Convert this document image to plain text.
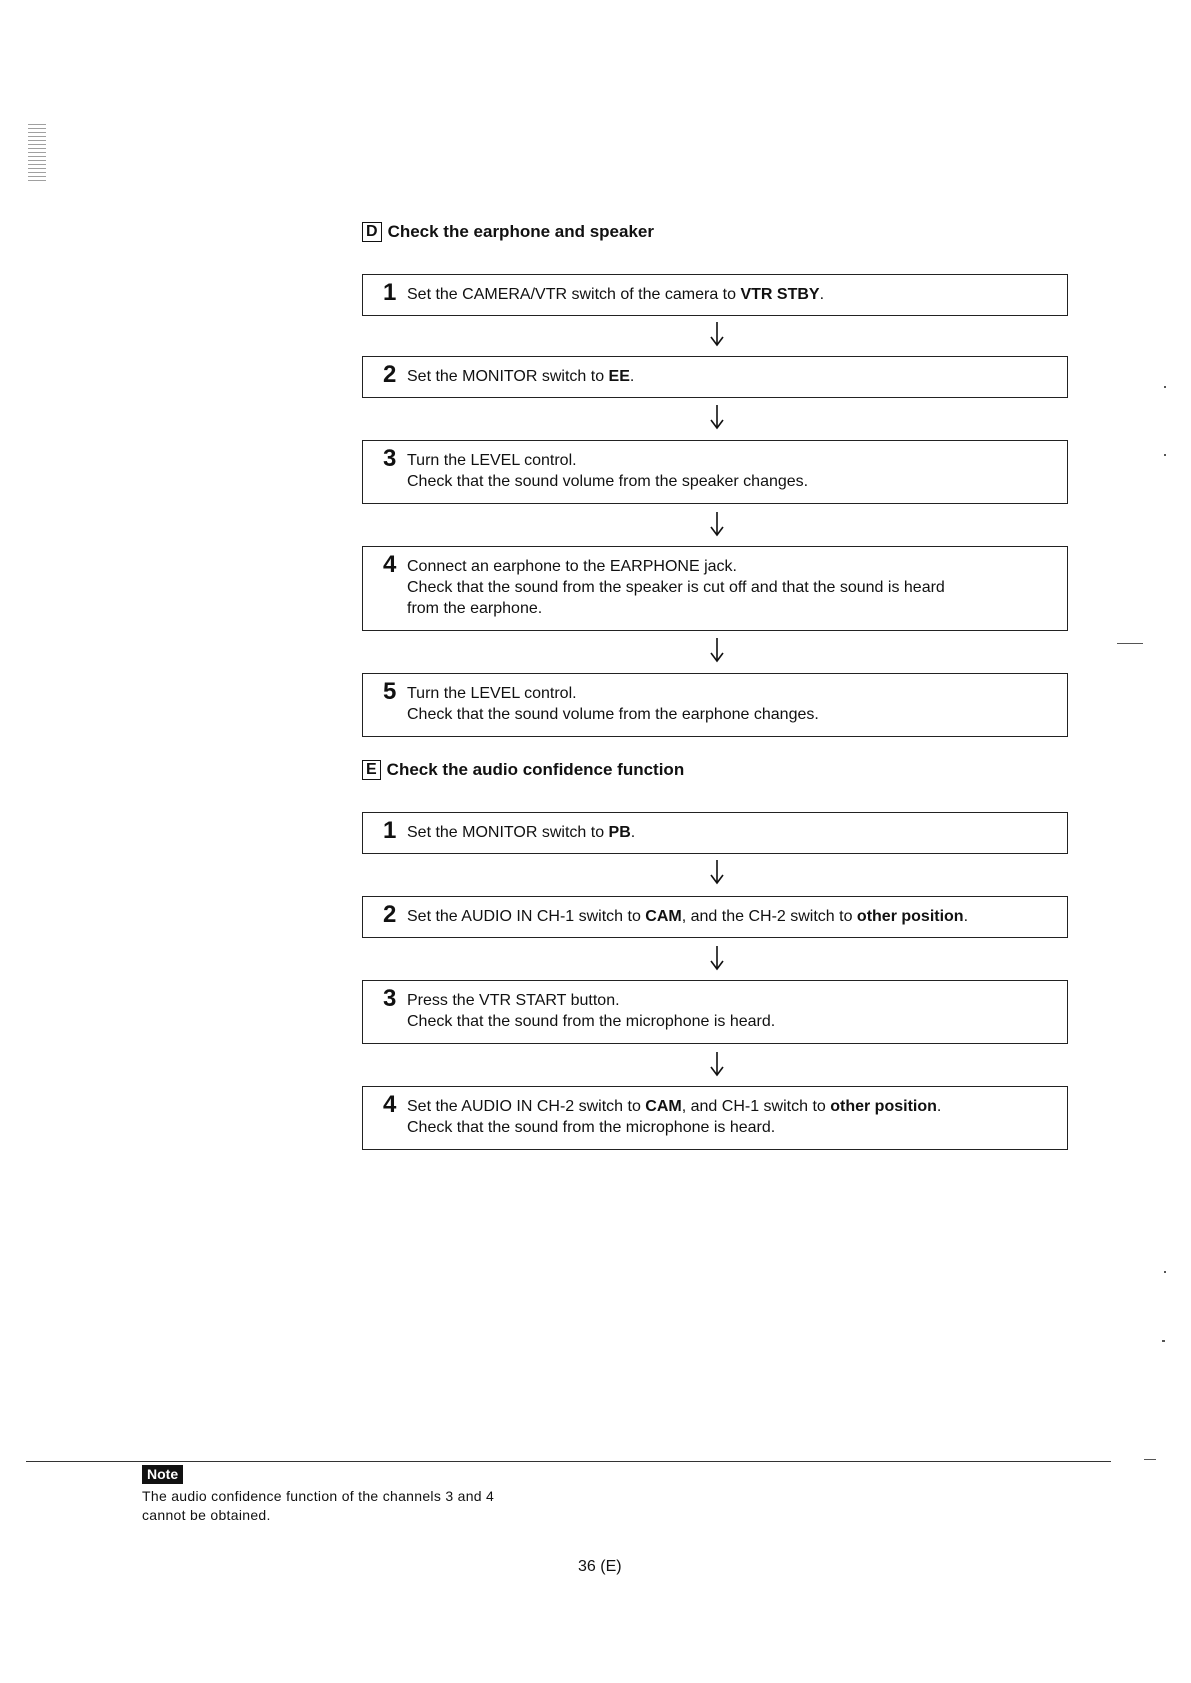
D Check the earphone and speaker
1 Set the CAMERA/VTR switch of the camera to VTR STBY.
2 Set the MONITOR switch to EE.
3 Turn the LEVEL control.
Check that the sound volume from the speaker changes.
4 Connect an earphone to the EARPHONE jack.
Check that the sound from the speaker is cut off and that the sound is heard
from the earphone.
5 Turn the LEVEL control.
Check that the sound volume from the earphone changes.
E Check the audio confidence function
1 Set the MONITOR switch to PB.
2 Set the AUDIO IN CH-1 switch to CAM, and the CH-2 switch to other position.
3 Press the VTR START button.
Check that the sound from the microphone is heard.
4 Set the AUDIO IN CH-2 switch to CAM, and CH-1 switch to other position.
Check that the sound from the microphone is heard.
Note
The audio confidence function of the channels 3 and 4
cannot be obtained.
36 (E)
